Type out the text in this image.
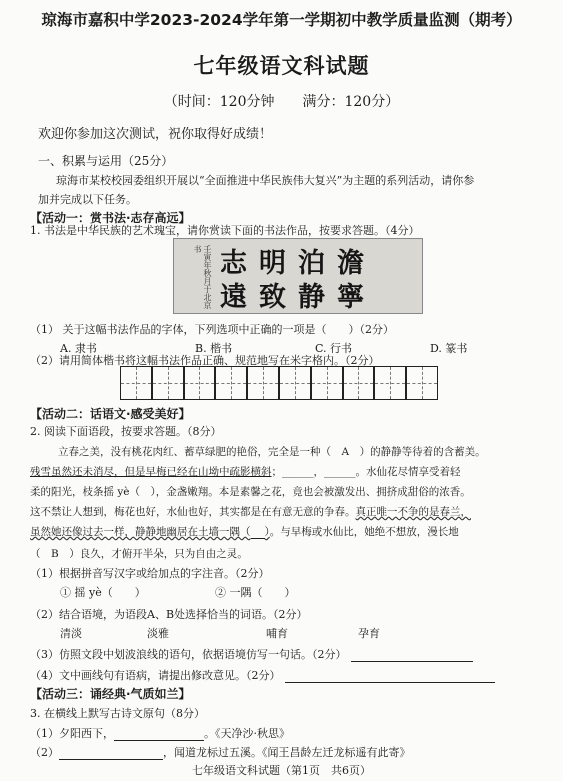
琼海市嘉积中学2023-2024学年第一学期初中教学质量监测（期考）
七年级语文科试题
（时间：120分钟　　满分：120分）
欢迎你参加这次测试，祝你取得好成绩！
一、积累与运用（25分）
琼海市某校校园委组织开展以“全面推进中华民族伟大复兴”为主题的系列活动，请你参
加并完成以下任务。
【活动一：赏书法·志存高远】
1. 书法是中华民族的艺术瑰宝，请你赏读下面的书法作品，按要求答题。（4分）
壬寅年秋月于北京书 志明泊澹
遠致静寧
（1） 关于这幅书法作品的字体，下列选项中正确的一项是（　　）（2分）
A. 隶书	B. 楷书	C. 行书	D. 篆书
（2）请用简体楷书将这幅书法作品正确、规范地写在米字格内。（2分）
【活动二：话语文·感受美好】
2. 阅读下面语段，按要求答题。（8分）
立春之美，没有桃花肉红、蓄草绿肥的艳俗，完全是一种（　A　）的静静等待着的含蓄美。
残雪虽然还未消尽，但是早梅已经在山坳中疏影横斜；______，______。水仙花尽情享受着轻
柔的阳光，枝条摇 yè（　），金盏嫩翔。本是素馨之花，竟也会被激发出、拥挤成甜俗的浓香。
这不禁让人想到，梅花也好，水仙也好，其实都是在有意无意的争春。真正唯一不争的是春兰，
虽然她还像过去一样，静静地幽居在土墙一隅（ ）。与早梅或水仙比，她绝不想放，漫长地
（　B　）良久，才俯开半朵，只为自由之灵。
（1）根据拼音写汉字或给加点的字注音。（2分）
① 摇 yè（　　）	② 一隅（　　）
（2）结合语境，为语段A、B处选择恰当的词语。（2分）
清淡	淡雅	哺育	孕育
（3）仿照文段中划波浪线的语句，依据语境仿写一句话。（2分）
（4）文中画线句有语病，请提出修改意见。（2分）
【活动三：诵经典·气质如兰】
3. 在横线上默写古诗文原句（8分）
（1）夕阳西下，	。《天净沙·秋思》
（2）	，闻道龙标过五溪。《闻王昌龄左迁龙标遥有此寄》
七年级语文科试题（第1页　共6页）
